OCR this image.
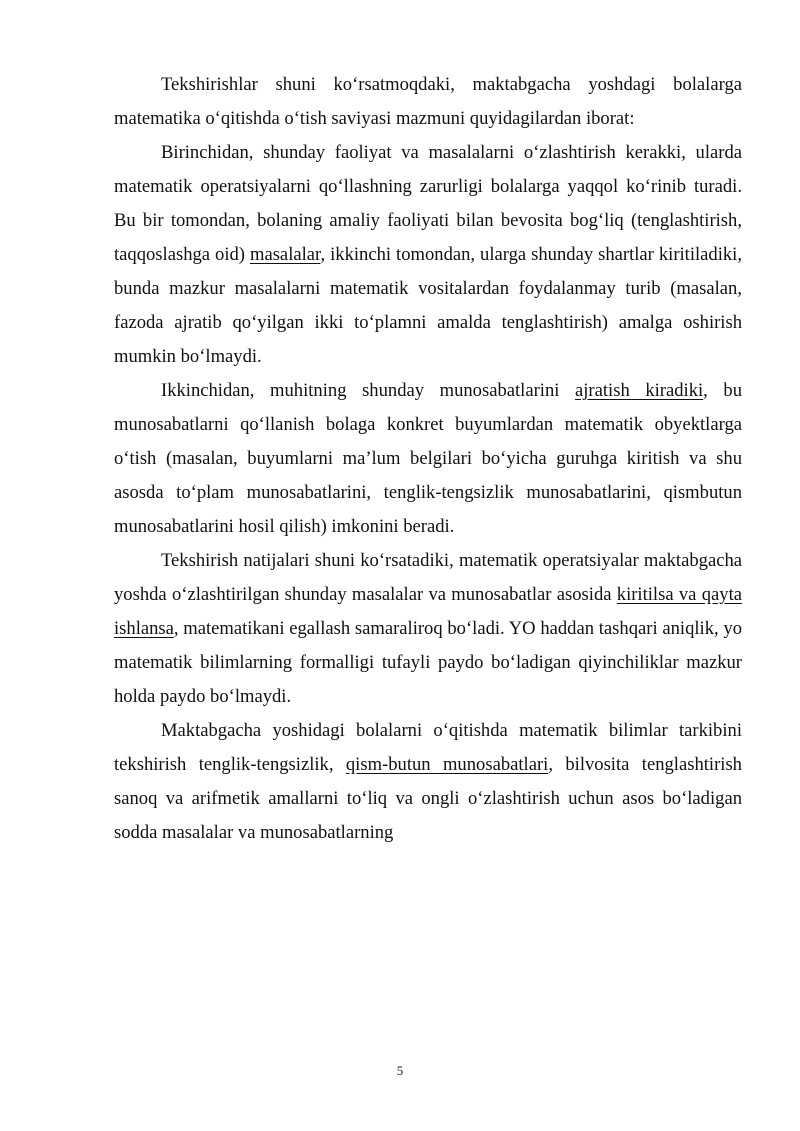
Tekshirishlar shuni ko‘rsatmoqdaki, maktabgacha yoshdagi bolalarga matematika o‘qitishda o‘tish saviyasi mazmuni quyidagilardan iborat:

Birinchidan, shunday faoliyat va masalalarni o‘zlashtirish kerakki, ularda matematik operatsiyalarni qo‘llashning zarurligi bolalarga yaqqol ko‘rinib turadi. Bu bir tomondan, bolaning amaliy faoliyati bilan bevosita bog‘liq (tenglashtirish, taqqoslashga oid) masalalar, ikkinchi tomondan, ularga shunday shartlar kiritiladiki, bunda mazkur masalalarni matematik vositalardan foydalanmay turib (masalan, fazoda ajratib qo‘yilgan ikki to‘plamni amalda tenglashtirish) amalga oshirish mumkin bo‘lmaydi.

Ikkinchidan, muhitning shunday munosabatlarini ajratish kiradiki, bu munosabatlarni qo‘llanish bolaga konkret buyumlardan matematik obyektlarga o‘tish (masalan, buyumlarni ma’lum belgilari bo‘yicha guruhga kiritish va shu asosda to‘plam munosabatlarini, tenglik-tengsizlik munosabatlarini, qismbutun munosabatlarini hosil qilish) imkonini beradi.

Tekshirish natijalari shuni ko‘rsatadiki, matematik operatsiyalar maktabgacha yoshda o‘zlashtirilgan shunday masalalar va munosabatlar asosida kiritilsa va qayta ishlansa, matematikani egallash samaraliroq bo‘ladi. YO haddan tashqari aniqlik, yo matematik bilimlarning formalligi tufayli paydo bo‘ladigan qiyinchiliklar mazkur holda paydo bo‘lmaydi.

Maktabgacha yoshidagi bolalarni o‘qitishda matematik bilimlar tarkibini tekshirish tenglik-tengsizlik, qism-butun munosabatlari, bilvosita tenglashtirish sanoq va arifmetik amallarni to‘liq va ongli o‘zlashtirish uchun asos bo‘ladigan sodda masalalar va munosabatlarning

5
